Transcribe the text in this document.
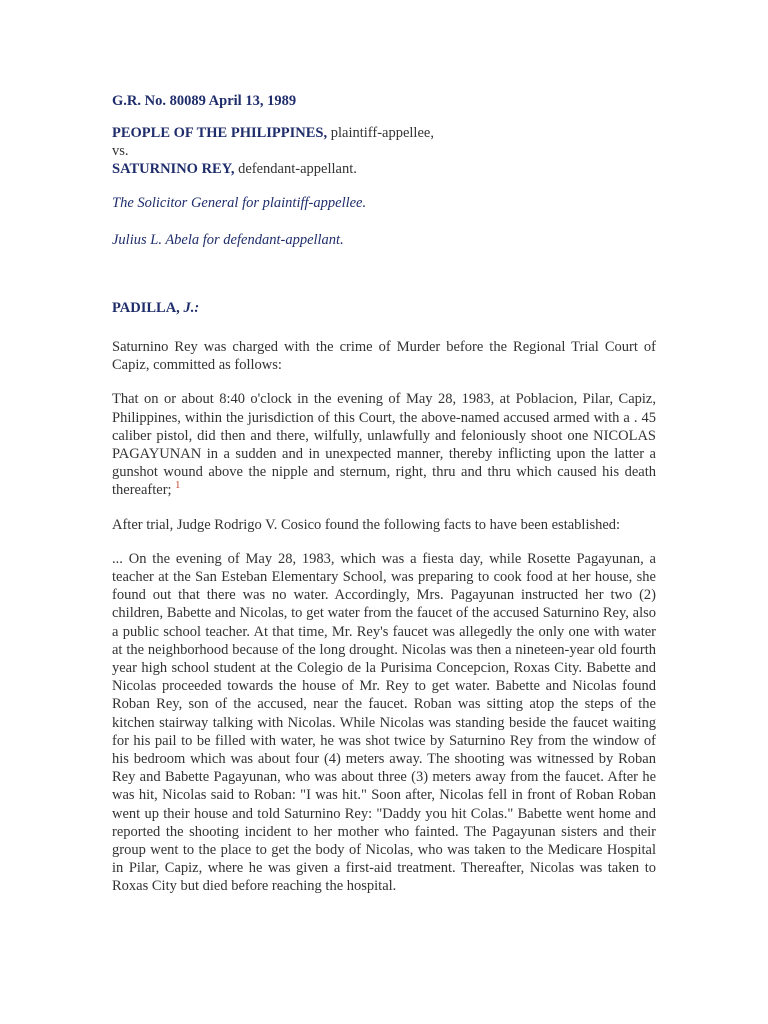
G.R. No. 80089 April 13, 1989
PEOPLE OF THE PHILIPPINES, plaintiff-appellee,
vs.
SATURNINO REY, defendant-appellant.
The Solicitor General for plaintiff-appellee.
Julius L. Abela for defendant-appellant.
PADILLA, J.:

Saturnino Rey was charged with the crime of Murder before the Regional Trial Court of Capiz, committed as follows:

That on or about 8:40 o'clock in the evening of May 28, 1983, at Poblacion, Pilar, Capiz, Philippines, within the jurisdiction of this Court, the above-named accused armed with a . 45 caliber pistol, did then and there, wilfully, unlawfully and feloniously shoot one NICOLAS PAGAYUNAN in a sudden and in unexpected manner, thereby inflicting upon the latter a gunshot wound above the nipple and sternum, right, thru and thru which caused his death thereafter; $^1$

After trial, Judge Rodrigo V. Cosico found the following facts to have been established:

... On the evening of May 28, 1983, which was a fiesta day, while Rosette Pagayunan, a teacher at the San Esteban Elementary School, was preparing to cook food at her house, she found out that there was no water. Accordingly, Mrs. Pagayunan instructed her two (2) children, Babette and Nicolas, to get water from the faucet of the accused Saturnino Rey, also a public school teacher. At that time, Mr. Rey's faucet was allegedly the only one with water at the neighborhood because of the long drought. Nicolas was then a nineteen-year old fourth year high school student at the Colegio de la Purisima Concepcion, Roxas City. Babette and Nicolas proceeded towards the house of Mr. Rey to get water. Babette and Nicolas found Roban Rey, son of the accused, near the faucet. Roban was sitting atop the steps of the kitchen stairway talking with Nicolas. While Nicolas was standing beside the faucet waiting for his pail to be filled with water, he was shot twice by Saturnino Rey from the window of his bedroom which was about four (4) meters away. The shooting was witnessed by Roban Rey and Babette Pagayunan, who was about three (3) meters away from the faucet. After he was hit, Nicolas said to Roban: "I was hit." Soon after, Nicolas fell in front of Roban Roban went up their house and told Saturnino Rey: "Daddy you hit Colas." Babette went home and reported the shooting incident to her mother who fainted. The Pagayunan sisters and their group went to the place to get the body of Nicolas, who was taken to the Medicare Hospital in Pilar, Capiz, where he was given a first-aid treatment. Thereafter, Nicolas was taken to Roxas City but died before reaching the hospital.
